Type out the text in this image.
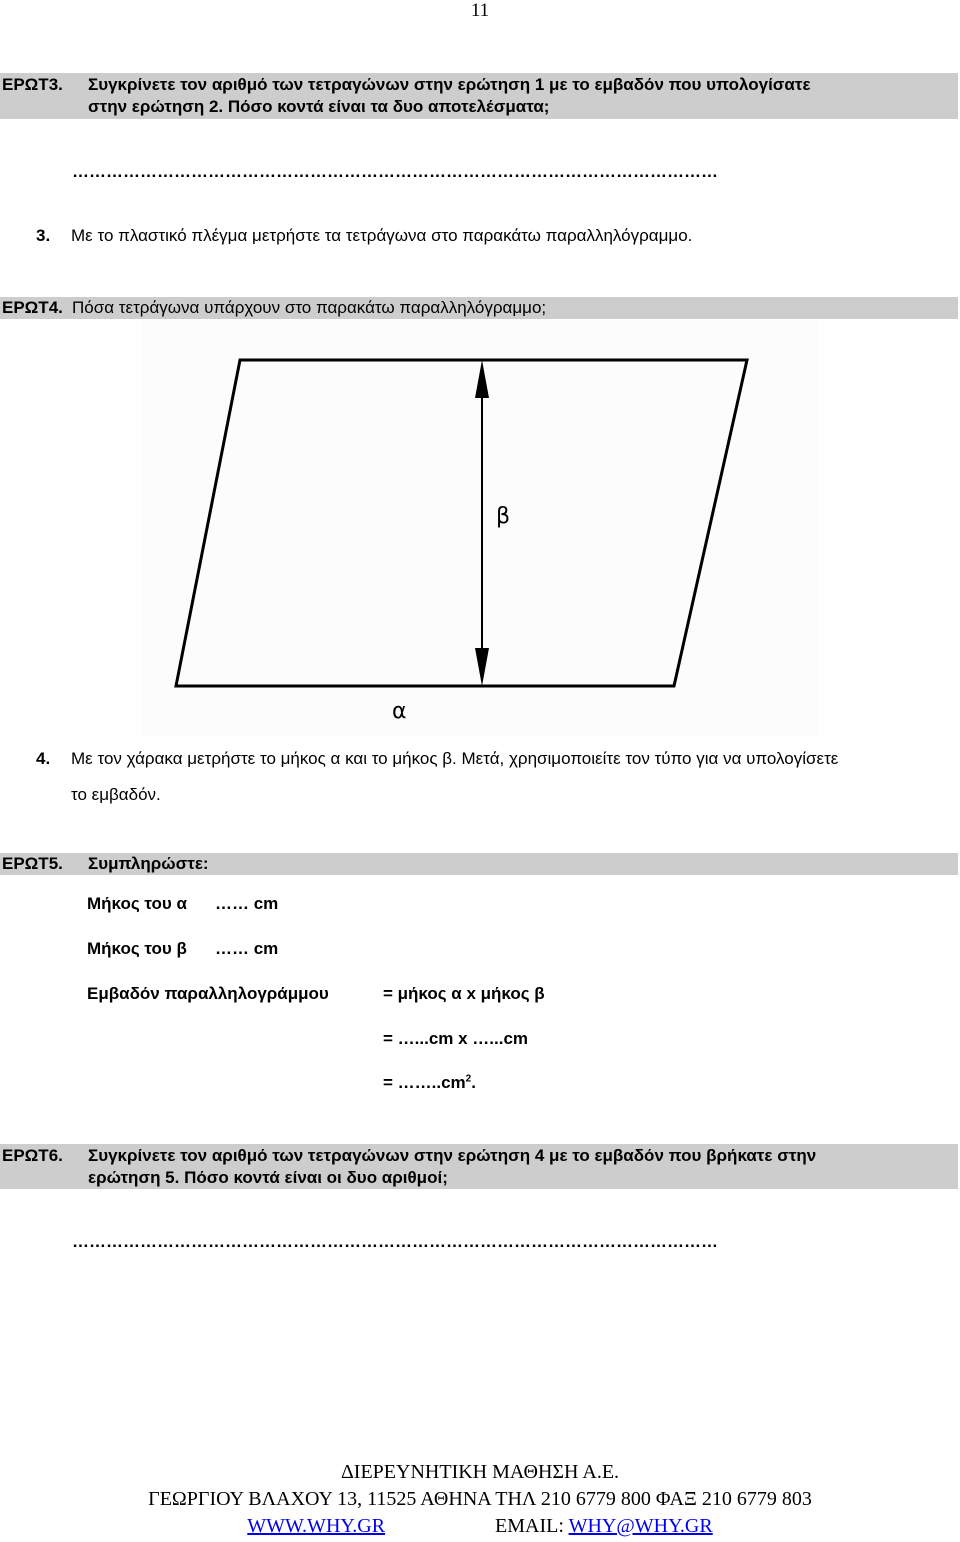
11
ΕΡΩΤ3. Συγκρίνετε τον αριθμό των τετραγώνων στην ερώτηση 1 με το εμβαδόν που υπολογίσατε
στην ερώτηση 2. Πόσο κοντά είναι τα δυο αποτελέσματα;
……………………………………………………………………………………………………
3. Με το πλαστικό πλέγμα μετρήστε τα τετράγωνα στο παρακάτω παραλληλόγραμμο.
ΕΡΩΤ4. Πόσα τετράγωνα υπάρχουν στο παρακάτω παραλληλόγραμμο;
β
α
4. Με τον χάρακα μετρήστε το μήκος α και το μήκος β. Μετά, χρησιμοποιείτε τον τύπο για να υπολογίσετε
το εμβαδόν.
ΕΡΩΤ5. Συμπληρώστε:
Μήκος του α …… cm
Μήκος του β …… cm
Εμβαδόν παραλληλογράμμου	= μήκος α x μήκος β
= …...cm x …...cm
= $\dots\dots..cm^2$.
ΕΡΩΤ6. Συγκρίνετε τον αριθμό των τετραγώνων στην ερώτηση 4 με το εμβαδόν που βρήκατε στην
ερώτηση 5. Πόσο κοντά είναι οι δυο αριθμοί;
……………………………………………………………………………………………………
ΔΙΕΡΕΥΝΗΤΙΚΗ ΜΑΘΗΣΗ Α.Ε.
ΓΕΩΡΓΙΟΥ ΒΛΑΧΟΥ 13, 11525 ΑΘΗΝΑ ΤΗΛ 210 6779 800 ΦΑΞ 210 6779 803
WWW.WHY.GR	EMAIL: WHY@WHY.GR
